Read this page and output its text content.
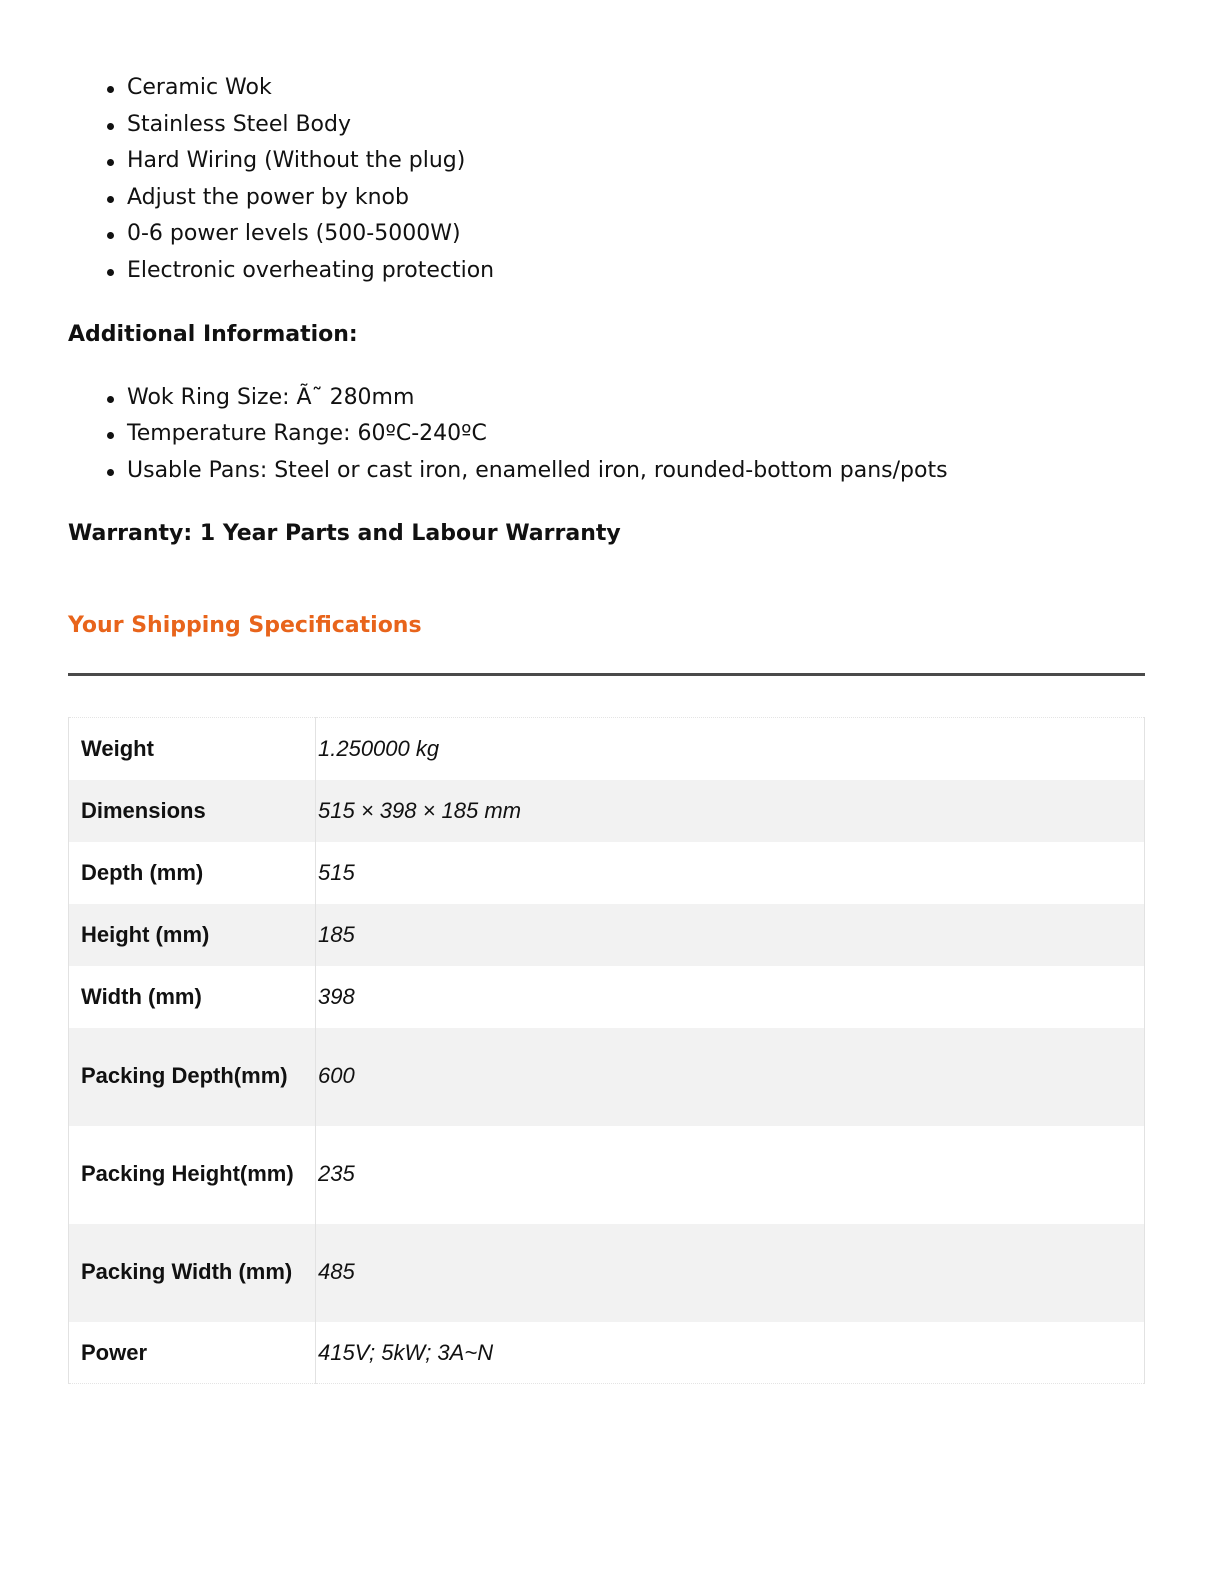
Ceramic Wok
Stainless Steel Body
Hard Wiring (Without the plug)
Adjust the power by knob
0-6 power levels (500-5000W)
Electronic overheating protection

Additional Information:

Wok Ring Size: Ã˜ 280mm
Temperature Range: 60ºC-240ºC
Usable Pans: Steel or cast iron, enamelled iron, rounded-bottom pans/pots

Warranty: 1 Year Parts and Labour Warranty

Your Shipping Specifications
Weight	1.250000 kg
Dimensions	515 × 398 × 185 mm
Depth (mm)	515
Height (mm)	185
Width (mm)	398
Packing Depth(mm)	600
Packing Height(mm)	235
Packing Width (mm)	485
Power	415V; 5kW; 3A~N
